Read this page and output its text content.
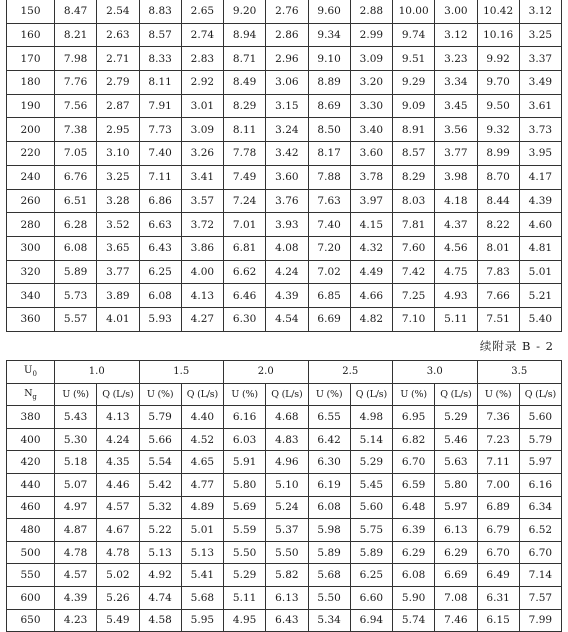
150	8.47	2.54	8.83	2.65	9.20	2.76	9.60	2.88	10.00	3.00	10.42	3.12
160	8.21	2.63	8.57	2.74	8.94	2.86	9.34	2.99	9.74	3.12	10.16	3.25
170	7.98	2.71	8.33	2.83	8.71	2.96	9.10	3.09	9.51	3.23	9.92	3.37
180	7.76	2.79	8.11	2.92	8.49	3.06	8.89	3.20	9.29	3.34	9.70	3.49
190	7.56	2.87	7.91	3.01	8.29	3.15	8.69	3.30	9.09	3.45	9.50	3.61
200	7.38	2.95	7.73	3.09	8.11	3.24	8.50	3.40	8.91	3.56	9.32	3.73
220	7.05	3.10	7.40	3.26	7.78	3.42	8.17	3.60	8.57	3.77	8.99	3.95
240	6.76	3.25	7.11	3.41	7.49	3.60	7.88	3.78	8.29	3.98	8.70	4.17
260	6.51	3.28	6.86	3.57	7.24	3.76	7.63	3.97	8.03	4.18	8.44	4.39
280	6.28	3.52	6.63	3.72	7.01	3.93	7.40	4.15	7.81	4.37	8.22	4.60
300	6.08	3.65	6.43	3.86	6.81	4.08	7.20	4.32	7.60	4.56	8.01	4.81
320	5.89	3.77	6.25	4.00	6.62	4.24	7.02	4.49	7.42	4.75	7.83	5.01
340	5.73	3.89	6.08	4.13	6.46	4.39	6.85	4.66	7.25	4.93	7.66	5.21
360	5.57	4.01	5.93	4.27	6.30	4.54	6.69	4.82	7.10	5.11	7.51	5.40
续附录 B - 2
$U_0$	1.0		1.5		2.0		2.5		3.0		3.5	
$N_g$	U (%)	Q (L/s)	U (%)	Q (L/s)	U (%)	Q (L/s)	U (%)	Q (L/s)	U (%)	Q (L/s)	U (%)	Q (L/s)
380	5.43	4.13	5.79	4.40	6.16	4.68	6.55	4.98	6.95	5.29	7.36	5.60
400	5.30	4.24	5.66	4.52	6.03	4.83	6.42	5.14	6.82	5.46	7.23	5.79
420	5.18	4.35	5.54	4.65	5.91	4.96	6.30	5.29	6.70	5.63	7.11	5.97
440	5.07	4.46	5.42	4.77	5.80	5.10	6.19	5.45	6.59	5.80	7.00	6.16
460	4.97	4.57	5.32	4.89	5.69	5.24	6.08	5.60	6.48	5.97	6.89	6.34
480	4.87	4.67	5.22	5.01	5.59	5.37	5.98	5.75	6.39	6.13	6.79	6.52
500	4.78	4.78	5.13	5.13	5.50	5.50	5.89	5.89	6.29	6.29	6.70	6.70
550	4.57	5.02	4.92	5.41	5.29	5.82	5.68	6.25	6.08	6.69	6.49	7.14
600	4.39	5.26	4.74	5.68	5.11	6.13	5.50	6.60	5.90	7.08	6.31	7.57
650	4.23	5.49	4.58	5.95	4.95	6.43	5.34	6.94	5.74	7.46	6.15	7.99
